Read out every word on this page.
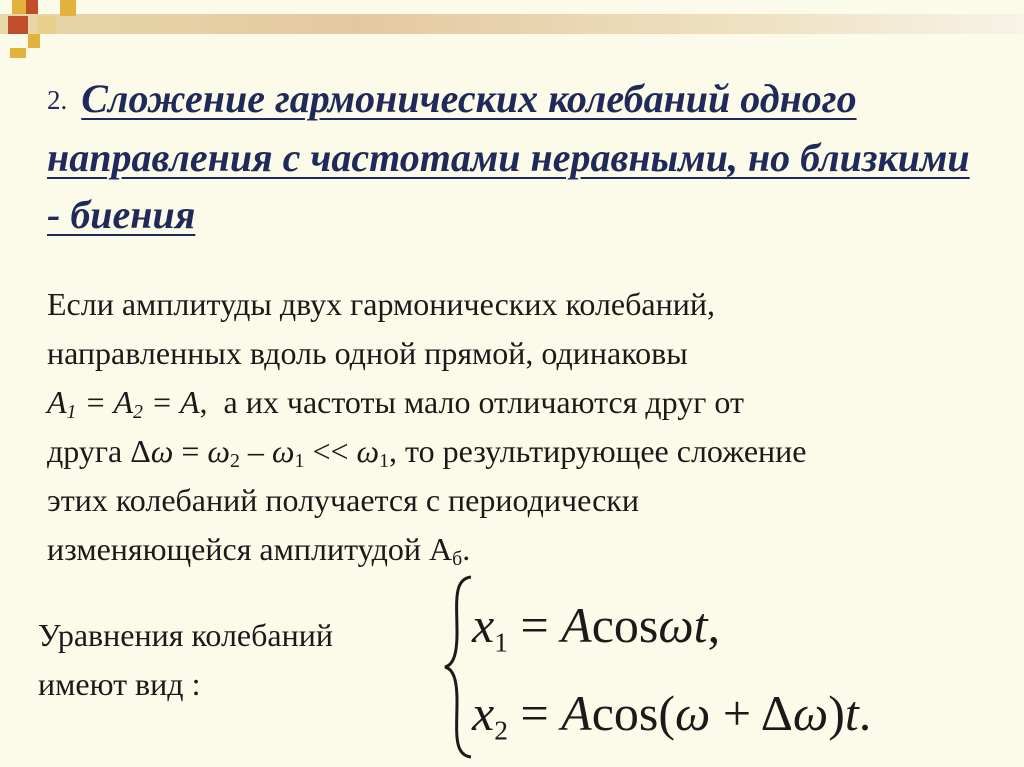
2. Сложение гармонических колебаний одного направления с частотами неравными, но близкими - биения
Если амплитуды двух гармонических колебаний,
направленных вдоль одной прямой, одинаковы
$A_1 = A_2 = A$,  а их частоты мало отличаются друг от
друга $\Delta\omega = \omega_2 - \omega_1 << \omega_1$, то результирующее сложение
этих колебаний получается с периодически
изменяющейся амплитудой $A_б$.
Уравнения колебаний имеют вид :
$x_1 = Acos\omega t$,
$x_2 = Acos(\omega + \Delta\omega)t$.
